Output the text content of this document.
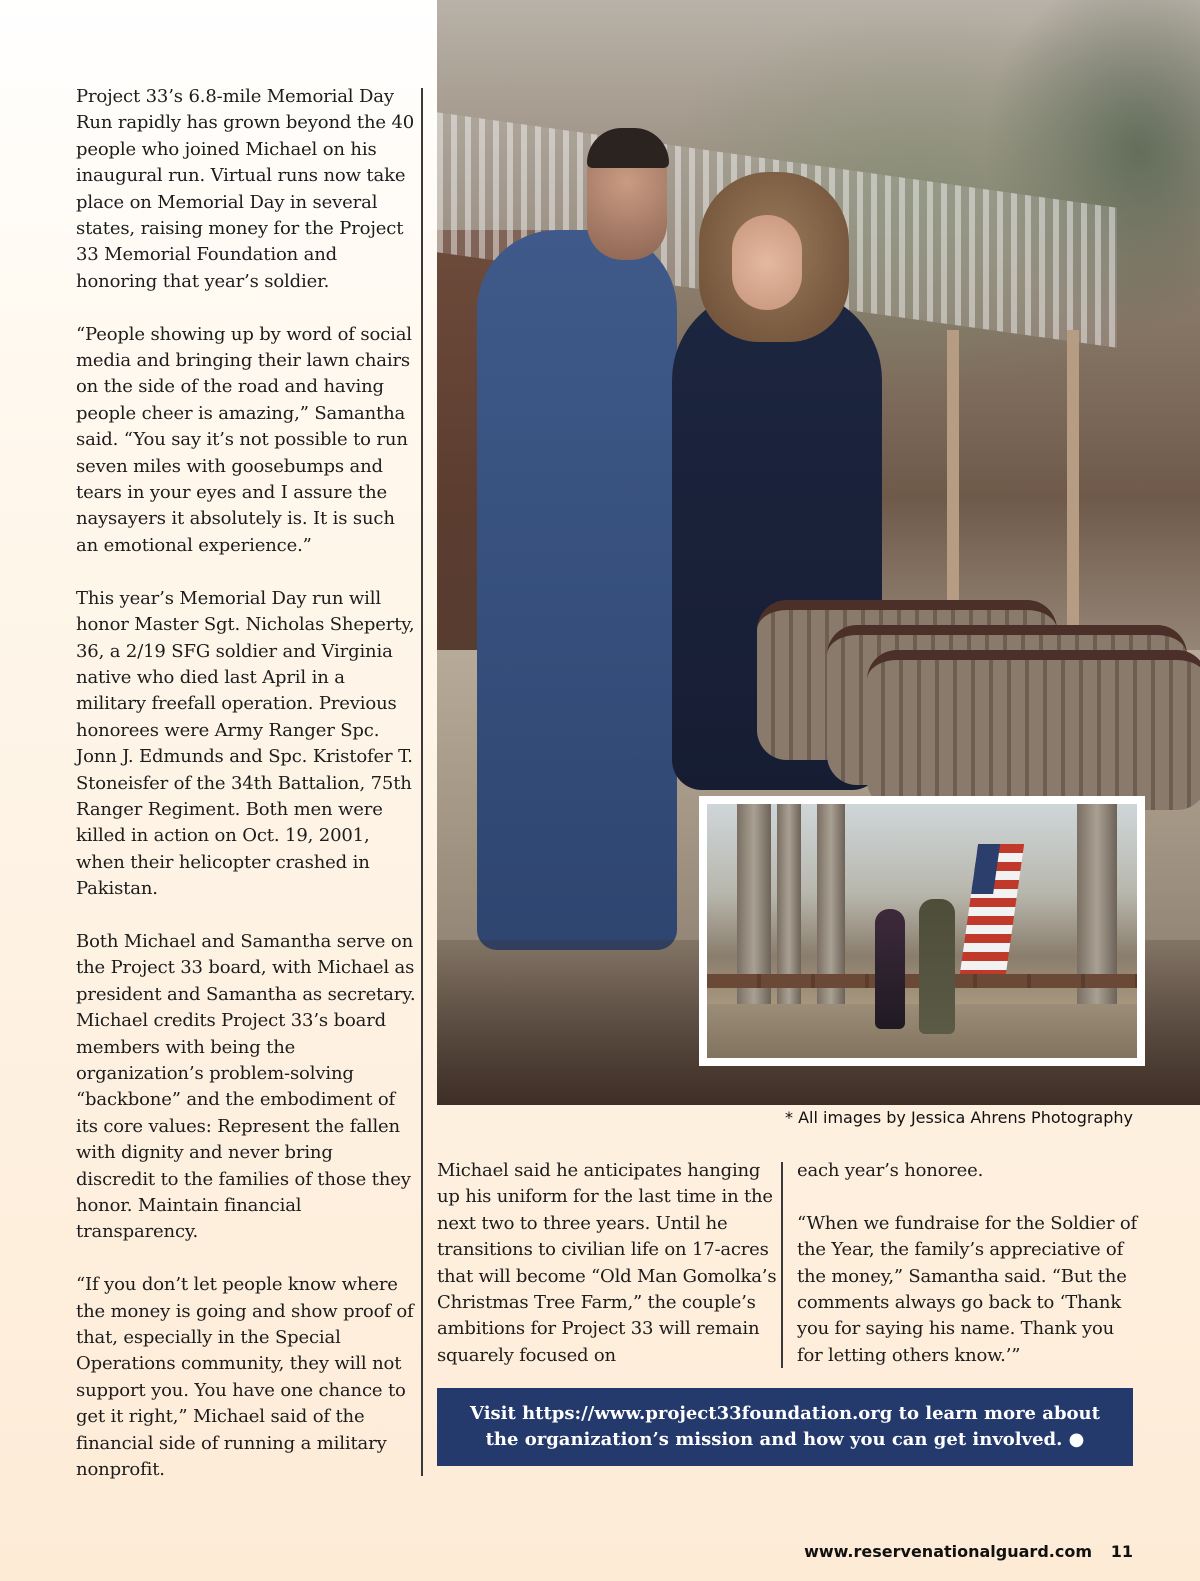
Project 33’s 6.8-mile Memorial Day Run rapidly has grown beyond the 40 people who joined Michael on his inaugural run. Virtual runs now take place on Memorial Day in several states, raising money for the Project 33 Memorial Foundation and honoring that year’s soldier.

“People showing up by word of social media and bringing their lawn chairs on the side of the road and having people cheer is amazing,” Samantha said. “You say it’s not possible to run seven miles with goosebumps and tears in your eyes and I assure the naysayers it absolutely is. It is such an emotional experience.”

This year’s Memorial Day run will honor Master Sgt. Nicholas Sheperty, 36, a 2/19 SFG soldier and Virginia native who died last April in a military freefall operation. Previous honorees were Army Ranger Spc. Jonn J. Edmunds and Spc. Kristofer T. Stoneisfer of the 34th Battalion, 75th Ranger Regiment. Both men were killed in action on Oct. 19, 2001, when their helicopter crashed in Pakistan.

Both Michael and Samantha serve on the Project 33 board, with Michael as president and Samantha as secretary. Michael credits Project 33’s board members with being the organization’s problem-solving “backbone” and the embodiment of its core values: Represent the fallen with dignity and never bring discredit to the families of those they honor. Maintain financial transparency.

“If you don’t let people know where the money is going and show proof of that, especially in the Special Operations community, they will not support you. You have one chance to get it right,” Michael said of the financial side of running a military nonprofit.

* All images by Jessica Ahrens Photography

Michael said he anticipates hanging up his uniform for the last time in the next two to three years. Until he transitions to civilian life on 17-acres that will become “Old Man Gomolka’s Christmas Tree Farm,” the couple’s ambitions for Project 33 will remain squarely focused on

each year’s honoree.

“When we fundraise for the Soldier of the Year, the family’s appreciative of the money,” Samantha said. “But the comments always go back to ‘Thank you for saying his name. Thank you for letting others know.’”

Visit https://www.project33foundation.org to learn more about the organization’s mission and how you can get involved. ●
www.reservenationalguard.com 11
